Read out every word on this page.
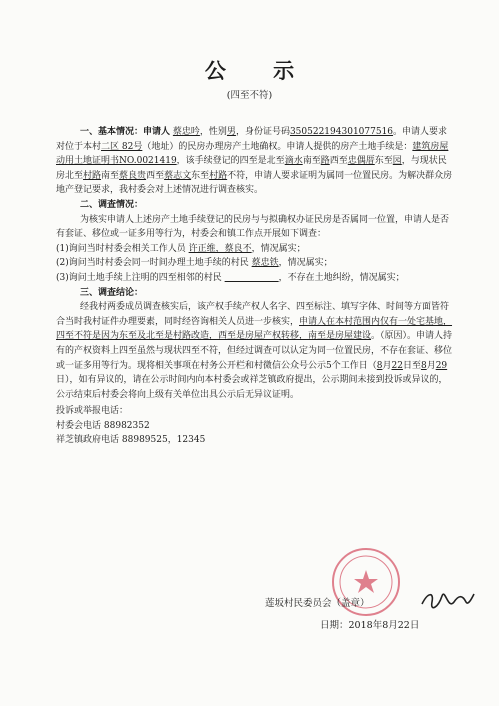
公 示
(四至不符)

一、基本情况：申请人 蔡忠吟，性别男，身份证号码350522194301077516。申请人要求对位于本村二区 82号（地址）的民房办理房产土地确权。申请人提供的房产土地手续是：建筑房屋动用土地证明书NO.0021419，该手续登记的四至是北至滴水南至路西至忠偶厝东至园，与现状民房北至村路南至蔡良贵西至蔡志文东至村路不符，申请人要求证明为属同一位置民房。为解决群众房地产登记要求，我村委会对上述情况进行调查核实。

二、调查情况：

为核实申请人上述房产土地手续登记的民房与与拟确权办证民房是否属同一位置，申请人是否有套证、移位或一证多用等行为，村委会和镇工作点开展如下调查：

(1)询问当时村委会相关工作人员 许正维，蔡良不，情况属实；

(2)询问当时村委会同一时间办理土地手续的村民 蔡忠铁，情况属实；

(3)询问土地手续上注明的四至相邻的村民 　　　　　　	，不存在土地纠纷，情况属实；

三、调查结论：

经我村两委成员调查核实后，该产权手续产权人名字、四至标注、填写字体、时间等方面皆符合当时我村证件办理要素，同时经咨询相关人员进一步核实，申请人在本村范围内仅有一处宅基地，四至不符是因为东至及北至是村路改造，西至是房屋产权转移，南至是房屋建设。（原因）。申请人持有的产权资料上四至虽然与现状四至不符，但经过调查可以认定为同一位置民房，不存在套证、移位或一证多用等行为。现将相关事项在村务公开栏和村微信公众号公示5个工作日（8月22日至8月29日），如有异议的，请在公示时间内向本村委会或祥芝镇政府提出，公示期间未接到投诉或异议的，公示结束后村委会将向上级有关单位出具公示后无异议证明。

投诉或举报电话：

村委会电话 88982352

祥芝镇政府电话 88989525，12345

莲坂村民委员会（盖章）
日期：2018年8月22日
